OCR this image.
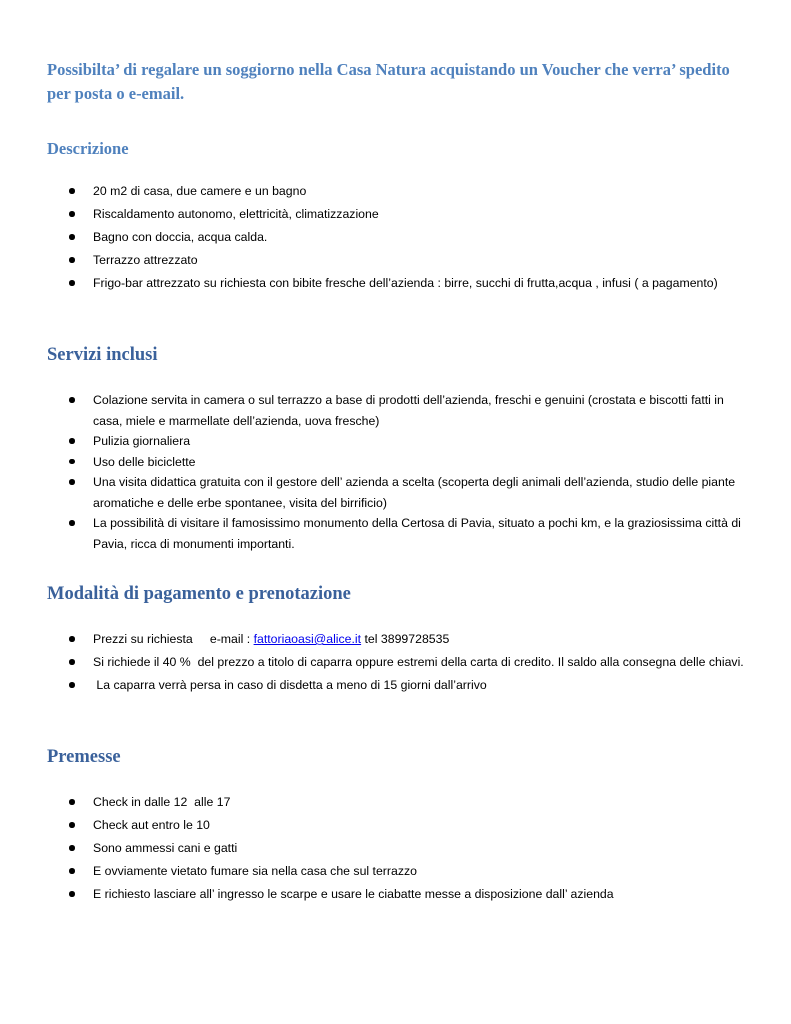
Possibilta’ di regalare un soggiorno nella Casa Natura acquistando un Voucher che verra’ spedito per posta o e-email.
Descrizione
20 m2 di casa, due camere e un bagno
Riscaldamento autonomo, elettricità, climatizzazione
Bagno con doccia, acqua calda.
Terrazzo attrezzato
Frigo-bar attrezzato su richiesta con bibite fresche dell’azienda : birre, succhi di frutta,acqua , infusi ( a pagamento)
Servizi inclusi
Colazione servita in camera o sul terrazzo a base di prodotti dell’azienda, freschi e genuini (crostata e biscotti fatti in casa, miele e marmellate dell’azienda, uova fresche)
Pulizia giornaliera
Uso delle biciclette
Una visita didattica gratuita con il gestore dell’ azienda a scelta (scoperta degli animali dell’azienda, studio delle piante aromatiche e delle erbe spontanee, visita del birrificio)
La possibilità di visitare il famosissimo monumento della Certosa di Pavia, situato a pochi km, e la graziosissima città di Pavia, ricca di monumenti importanti.
Modalità di pagamento e prenotazione
Prezzi su richiesta     e-mail : fattoriaoasi@alice.it tel 3899728535
Si richiede il 40 %  del prezzo a titolo di caparra oppure estremi della carta di credito. Il saldo alla consegna delle chiavi.
La caparra verrà persa in caso di disdetta a meno di 15 giorni dall’arrivo
Premesse
Check in dalle 12  alle 17
Check aut entro le 10
Sono ammessi cani e gatti
E ovviamente vietato fumare sia nella casa che sul terrazzo
E richiesto lasciare all’ ingresso le scarpe e usare le ciabatte messe a disposizione dall’ azienda
